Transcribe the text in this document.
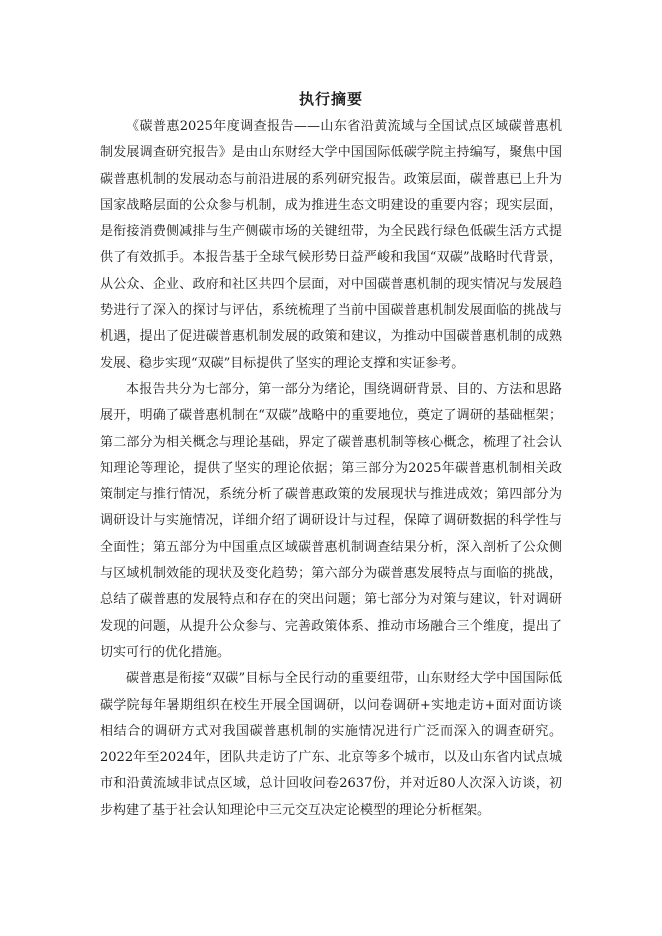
执行摘要

《碳普惠2025年度调查报告——山东省沿黄流域与全国试点区域碳普惠机制发展调查研究报告》是由山东财经大学中国国际低碳学院主持编写，聚焦中国碳普惠机制的发展动态与前沿进展的系列研究报告。政策层面，碳普惠已上升为国家战略层面的公众参与机制，成为推进生态文明建设的重要内容；现实层面，是衔接消费侧减排与生产侧碳市场的关键纽带，为全民践行绿色低碳生活方式提供了有效抓手。本报告基于全球气候形势日益严峻和我国“双碳”战略时代背景，从公众、企业、政府和社区共四个层面，对中国碳普惠机制的现实情况与发展趋势进行了深入的探讨与评估，系统梳理了当前中国碳普惠机制发展面临的挑战与机遇，提出了促进碳普惠机制发展的政策和建议，为推动中国碳普惠机制的成熟发展、稳步实现“双碳”目标提供了坚实的理论支撑和实证参考。

本报告共分为七部分，第一部分为绪论，围绕调研背景、目的、方法和思路展开，明确了碳普惠机制在“双碳”战略中的重要地位，奠定了调研的基础框架；第二部分为相关概念与理论基础，界定了碳普惠机制等核心概念，梳理了社会认知理论等理论，提供了坚实的理论依据；第三部分为2025年碳普惠机制相关政策制定与推行情况，系统分析了碳普惠政策的发展现状与推进成效；第四部分为调研设计与实施情况，详细介绍了调研设计与过程，保障了调研数据的科学性与全面性；第五部分为中国重点区域碳普惠机制调查结果分析，深入剖析了公众侧与区域机制效能的现状及变化趋势；第六部分为碳普惠发展特点与面临的挑战，总结了碳普惠的发展特点和存在的突出问题；第七部分为对策与建议，针对调研发现的问题，从提升公众参与、完善政策体系、推动市场融合三个维度，提出了切实可行的优化措施。

碳普惠是衔接“双碳”目标与全民行动的重要纽带，山东财经大学中国国际低碳学院每年暑期组织在校生开展全国调研，以问卷调研+实地走访+面对面访谈相结合的调研方式对我国碳普惠机制的实施情况进行广泛而深入的调查研究。2022年至2024年，团队共走访了广东、北京等多个城市，以及山东省内试点城市和沿黄流域非试点区域，总计回收问卷2637份，并对近80人次深入访谈，初步构建了基于社会认知理论中三元交互决定论模型的理论分析框架。
